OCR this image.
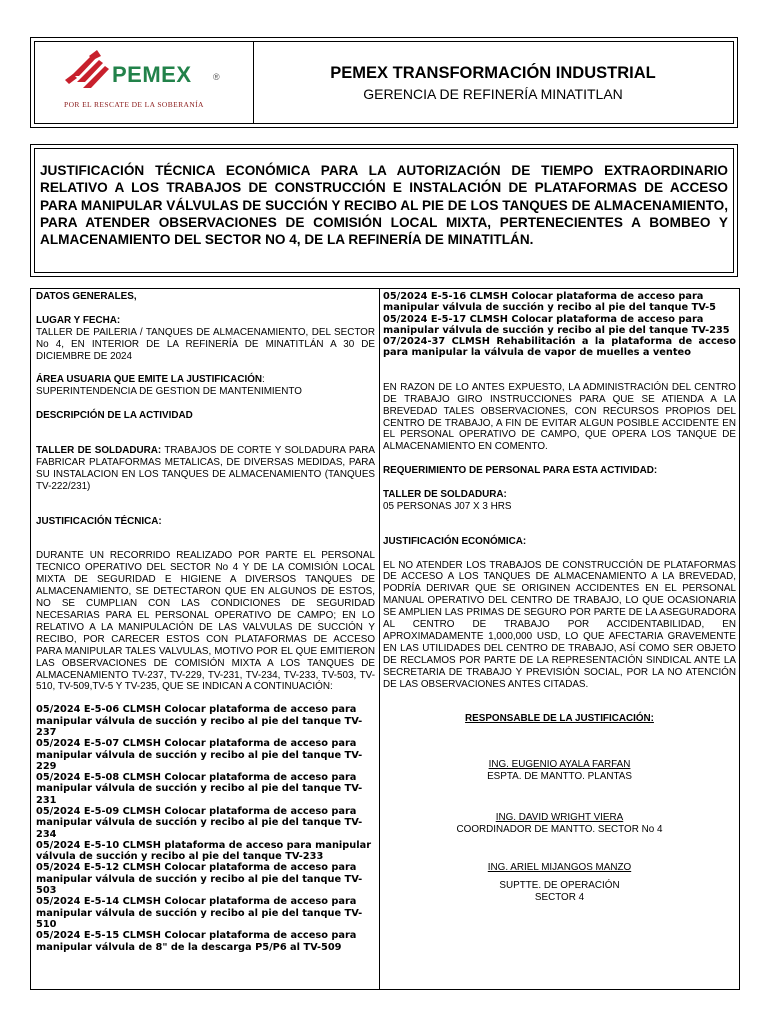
PEMEX ®
POR EL RESCATE DE LA SOBERANÍA
PEMEX TRANSFORMACIÓN INDUSTRIAL
GERENCIA DE REFINERÍA MINATITLAN

JUSTIFICACIÓN TÉCNICA ECONÓMICA PARA LA AUTORIZACIÓN DE TIEMPO EXTRAORDINARIO RELATIVO A LOS TRABAJOS DE CONSTRUCCIÓN E INSTALACIÓN DE PLATAFORMAS DE ACCESO PARA MANIPULAR VÁLVULAS DE SUCCIÓN Y RECIBO AL PIE DE LOS TANQUES DE ALMACENAMIENTO, PARA ATENDER OBSERVACIONES DE COMISIÓN LOCAL MIXTA, PERTENECIENTES A BOMBEO Y ALMACENAMIENTO DEL SECTOR NO 4, DE LA REFINERÍA DE MINATITLÁN.

DATOS GENERALES,

LUGAR Y FECHA:

TALLER DE PAILERIA / TANQUES DE ALMACENAMIENTO, DEL SECTOR No 4, EN INTERIOR DE LA REFINERÍA DE MINATITLÁN A 30 DE DICIEMBRE DE 2024

ÁREA USUARIA QUE EMITE LA JUSTIFICACIÓN:

SUPERINTENDENCIA DE GESTION DE MANTENIMIENTO

DESCRIPCIÓN DE LA ACTIVIDAD

TALLER DE SOLDADURA: TRABAJOS DE CORTE Y SOLDADURA PARA FABRICAR PLATAFORMAS METALICAS, DE DIVERSAS MEDIDAS, PARA SU INSTALACION EN LOS TANQUES DE ALMACENAMIENTO (TANQUES TV-222/231)

JUSTIFICACIÓN TÉCNICA:

DURANTE UN RECORRIDO REALIZADO POR PARTE EL PERSONAL TECNICO OPERATIVO DEL SECTOR No 4 Y DE LA COMISIÓN LOCAL MIXTA DE SEGURIDAD E HIGIENE A DIVERSOS TANQUES DE ALMACENAMIENTO, SE DETECTARON QUE EN ALGUNOS DE ESTOS, NO SE CUMPLIAN CON LAS CONDICIONES DE SEGURIDAD NECESARIAS PARA EL PERSONAL OPERATIVO DE CAMPO; EN LO RELATIVO A LA MANIPULACIÓN DE LAS VALVULAS DE SUCCIÓN Y RECIBO, POR CARECER ESTOS CON PLATAFORMAS DE ACCESO PARA MANIPULAR TALES VALVULAS, MOTIVO POR EL QUE EMITIERON LAS OBSERVACIONES DE COMISIÓN MIXTA A LOS TANQUES DE ALMACENAMIENTO TV-237, TV-229, TV-231, TV-234, TV-233, TV-503, TV-510, TV-509,TV-5 Y TV-235, QUE SE INDICAN A CONTINUACIÓN:

05/2024 E-5-06 CLMSH Colocar plataforma de acceso para manipular válvula de succión y recibo al pie del tanque TV-237

05/2024 E-5-07 CLMSH Colocar plataforma de acceso para manipular válvula de succión y recibo al pie del tanque TV-229

05/2024 E-5-08 CLMSH Colocar plataforma de acceso para manipular válvula de succión y recibo al pie del tanque TV-231

05/2024 E-5-09 CLMSH Colocar plataforma de acceso para manipular válvula de succión y recibo al pie del tanque TV-234

05/2024 E-5-10 CLMSH plataforma de acceso para manipular válvula de succión y recibo al pie del tanque TV-233

05/2024 E-5-12 CLMSH Colocar plataforma de acceso para manipular válvula de succión y recibo al pie del tanque TV-503

05/2024 E-5-14 CLMSH Colocar plataforma de acceso para manipular válvula de succión y recibo al pie del tanque TV-510

05/2024 E-5-15 CLMSH Colocar plataforma de acceso para manipular válvula de 8" de la descarga P5/P6 al TV-509

05/2024 E-5-16 CLMSH Colocar plataforma de acceso para manipular válvula de succión y recibo al pie del tanque TV-5

05/2024 E-5-17 CLMSH Colocar plataforma de acceso para manipular válvula de succión y recibo al pie del tanque TV-235

07/2024-37 CLMSH Rehabilitación a la plataforma de acceso para manipular la válvula de vapor de muelles a venteo

EN RAZON DE LO ANTES EXPUESTO, LA ADMINISTRACIÓN DEL CENTRO DE TRABAJO GIRO INSTRUCCIONES PARA QUE SE ATIENDA A LA BREVEDAD TALES OBSERVACIONES, CON RECURSOS PROPIOS DEL CENTRO DE TRABAJO, A FIN DE EVITAR ALGUN POSIBLE ACCIDENTE EN EL PERSONAL OPERATIVO DE CAMPO, QUE OPERA LOS TANQUE DE ALMACENAMIENTO EN COMENTO.

REQUERIMIENTO DE PERSONAL PARA ESTA ACTIVIDAD:

TALLER DE SOLDADURA:

05 PERSONAS J07 X 3 HRS

JUSTIFICACIÓN ECONÓMICA:

EL NO ATENDER LOS TRABAJOS DE CONSTRUCCIÓN DE PLATAFORMAS DE ACCESO A LOS TANQUES DE ALMACENAMIENTO A LA BREVEDAD, PODRÍA DERIVAR QUE SE ORIGINEN ACCIDENTES EN EL PERSONAL MANUAL OPERATIVO DEL CENTRO DE TRABAJO, LO QUE OCASIONARIA SE AMPLIEN LAS PRIMAS DE SEGURO POR PARTE DE LA ASEGURADORA AL CENTRO DE TRABAJO POR ACCIDENTABILIDAD, EN APROXIMADAMENTE 1,000,000 USD, LO QUE AFECTARIA GRAVEMENTE EN LAS UTILIDADES DEL CENTRO DE TRABAJO, ASÍ COMO SER OBJETO DE RECLAMOS POR PARTE DE LA REPRESENTACIÓN SINDICAL ANTE LA SECRETARIA DE TRABAJO Y PREVISIÓN SOCIAL, POR LA NO ATENCIÓN DE LAS OBSERVACIONES ANTES CITADAS.

RESPONSABLE DE LA JUSTIFICACIÓN:

ING. EUGENIO AYALA FARFAN

ESPTA. DE MANTTO. PLANTAS

ING. DAVID WRIGHT VIERA

COORDINADOR DE MANTTO. SECTOR No 4

ING. ARIEL MIJANGOS MANZO

SUPTTE. DE OPERACIÓN

SECTOR 4
